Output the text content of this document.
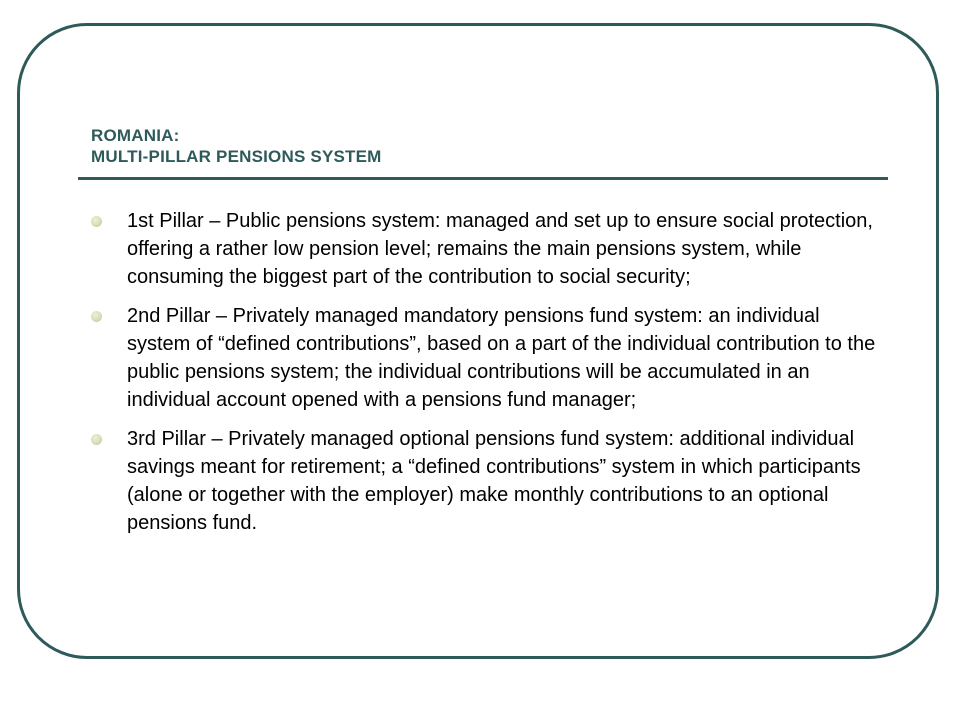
ROMANIA:
MULTI-PILLAR PENSIONS SYSTEM
1st Pillar – Public pensions system: managed and set up to ensure social protection, offering a rather low pension level; remains the main pensions system, while consuming the biggest part of the contribution to social security;
2nd Pillar – Privately managed mandatory pensions fund system: an individual system of “defined contributions”, based on a part of the individual contribution to the public pensions system; the individual contributions will be accumulated in an individual account opened with a pensions fund manager;
3rd Pillar – Privately managed optional pensions fund system: additional individual savings meant for retirement; a “defined contributions” system in which participants (alone or together with the employer) make monthly contributions to an optional pensions fund.
